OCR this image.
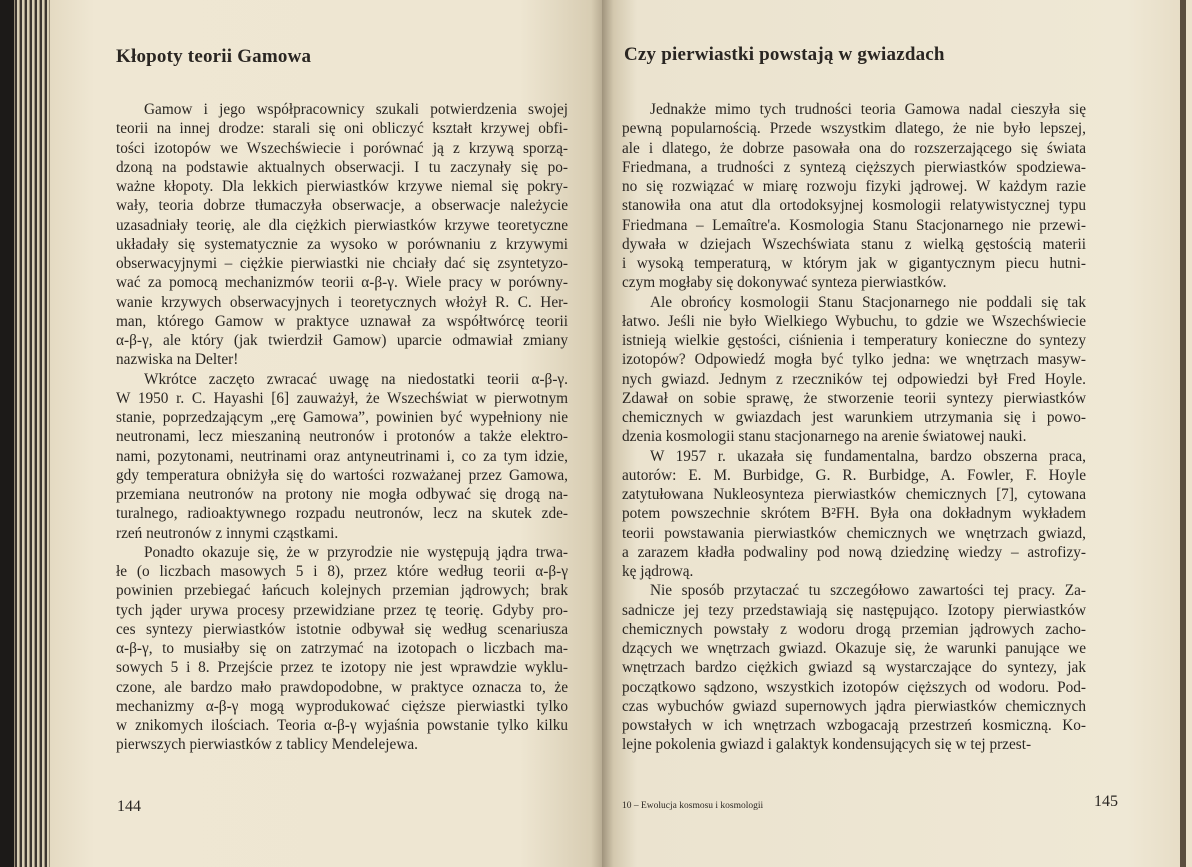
Kłopoty teorii Gamowa
Gamow i jego współpracownicy szukali potwierdzenia swojej
teorii na innej drodze: starali się oni obliczyć kształt krzywej obfi-
tości izotopów we Wszechświecie i porównać ją z krzywą sporzą-
dzoną na podstawie aktualnych obserwacji. I tu zaczynały się po-
ważne kłopoty. Dla lekkich pierwiastków krzywe niemal się pokry-
wały, teoria dobrze tłumaczyła obserwacje, a obserwacje należycie
uzasadniały teorię, ale dla ciężkich pierwiastków krzywe teoretyczne
układały się systematycznie za wysoko w porównaniu z krzywymi
obserwacyjnymi – ciężkie pierwiastki nie chciały dać się zsyntetyzo-
wać za pomocą mechanizmów teorii α-β-γ. Wiele pracy w porówny-
wanie krzywych obserwacyjnych i teoretycznych włożył R. C. Her-
man, którego Gamow w praktyce uznawał za współtwórcę teorii
α-β-γ, ale który (jak twierdził Gamow) uparcie odmawiał zmiany
nazwiska na Delter!
Wkrótce zaczęto zwracać uwagę na niedostatki teorii α-β-γ.
W 1950 r. C. Hayashi [6] zauważył, że Wszechświat w pierwotnym
stanie, poprzedzającym „erę Gamowa”, powinien być wypełniony nie
neutronami, lecz mieszaniną neutronów i protonów a także elektro-
nami, pozytonami, neutrinami oraz antyneutrinami i, co za tym idzie,
gdy temperatura obniżyła się do wartości rozważanej przez Gamowa,
przemiana neutronów na protony nie mogła odbywać się drogą na-
turalnego, radioaktywnego rozpadu neutronów, lecz na skutek zde-
rzeń neutronów z innymi cząstkami.
Ponadto okazuje się, że w przyrodzie nie występują jądra trwa-
łe (o liczbach masowych 5 i 8), przez które według teorii α-β-γ
powinien przebiegać łańcuch kolejnych przemian jądrowych; brak
tych jąder urywa procesy przewidziane przez tę teorię. Gdyby pro-
ces syntezy pierwiastków istotnie odbywał się według scenariusza
α-β-γ, to musiałby się on zatrzymać na izotopach o liczbach ma-
sowych 5 i 8. Przejście przez te izotopy nie jest wprawdzie wyklu-
czone, ale bardzo mało prawdopodobne, w praktyce oznacza to, że
mechanizmy α-β-γ mogą wyprodukować cięższe pierwiastki tylko
w znikomych ilościach. Teoria α-β-γ wyjaśnia powstanie tylko kilku
pierwszych pierwiastków z tablicy Mendelejewa.
144
Czy pierwiastki powstają w gwiazdach
Jednakże mimo tych trudności teoria Gamowa nadal cieszyła się
pewną popularnością. Przede wszystkim dlatego, że nie było lepszej,
ale i dlatego, że dobrze pasowała ona do rozszerzającego się świata
Friedmana, a trudności z syntezą cięższych pierwiastków spodziewa-
no się rozwiązać w miarę rozwoju fizyki jądrowej. W każdym razie
stanowiła ona atut dla ortodoksyjnej kosmologii relatywistycznej typu
Friedmana – Lemaître'a. Kosmologia Stanu Stacjonarnego nie przewi-
dywała w dziejach Wszechświata stanu z wielką gęstością materii
i wysoką temperaturą, w którym jak w gigantycznym piecu hutni-
czym mogłaby się dokonywać synteza pierwiastków.
Ale obrońcy kosmologii Stanu Stacjonarnego nie poddali się tak
łatwo. Jeśli nie było Wielkiego Wybuchu, to gdzie we Wszechświecie
istnieją wielkie gęstości, ciśnienia i temperatury konieczne do syntezy
izotopów? Odpowiedź mogła być tylko jedna: we wnętrzach masyw-
nych gwiazd. Jednym z rzeczników tej odpowiedzi był Fred Hoyle.
Zdawał on sobie sprawę, że stworzenie teorii syntezy pierwiastków
chemicznych w gwiazdach jest warunkiem utrzymania się i powo-
dzenia kosmologii stanu stacjonarnego na arenie światowej nauki.
W 1957 r. ukazała się fundamentalna, bardzo obszerna praca,
autorów: E. M. Burbidge, G. R. Burbidge, A. Fowler, F. Hoyle
zatytułowana Nukleosynteza pierwiastków chemicznych [7], cytowana
potem powszechnie skrótem B²FH. Była ona dokładnym wykładem
teorii powstawania pierwiastków chemicznych we wnętrzach gwiazd,
a zarazem kładła podwaliny pod nową dziedzinę wiedzy – astrofizy-
kę jądrową.
Nie sposób przytaczać tu szczegółowo zawartości tej pracy. Za-
sadnicze jej tezy przedstawiają się następująco. Izotopy pierwiastków
chemicznych powstały z wodoru drogą przemian jądrowych zacho-
dzących we wnętrzach gwiazd. Okazuje się, że warunki panujące we
wnętrzach bardzo ciężkich gwiazd są wystarczające do syntezy, jak
początkowo sądzono, wszystkich izotopów cięższych od wodoru. Pod-
czas wybuchów gwiazd supernowych jądra pierwiastków chemicznych
powstałych w ich wnętrzach wzbogacają przestrzeń kosmiczną. Ko-
lejne pokolenia gwiazd i galaktyk kondensujących się w tej przest-
10 – Ewolucja kosmosu i kosmologii	145
